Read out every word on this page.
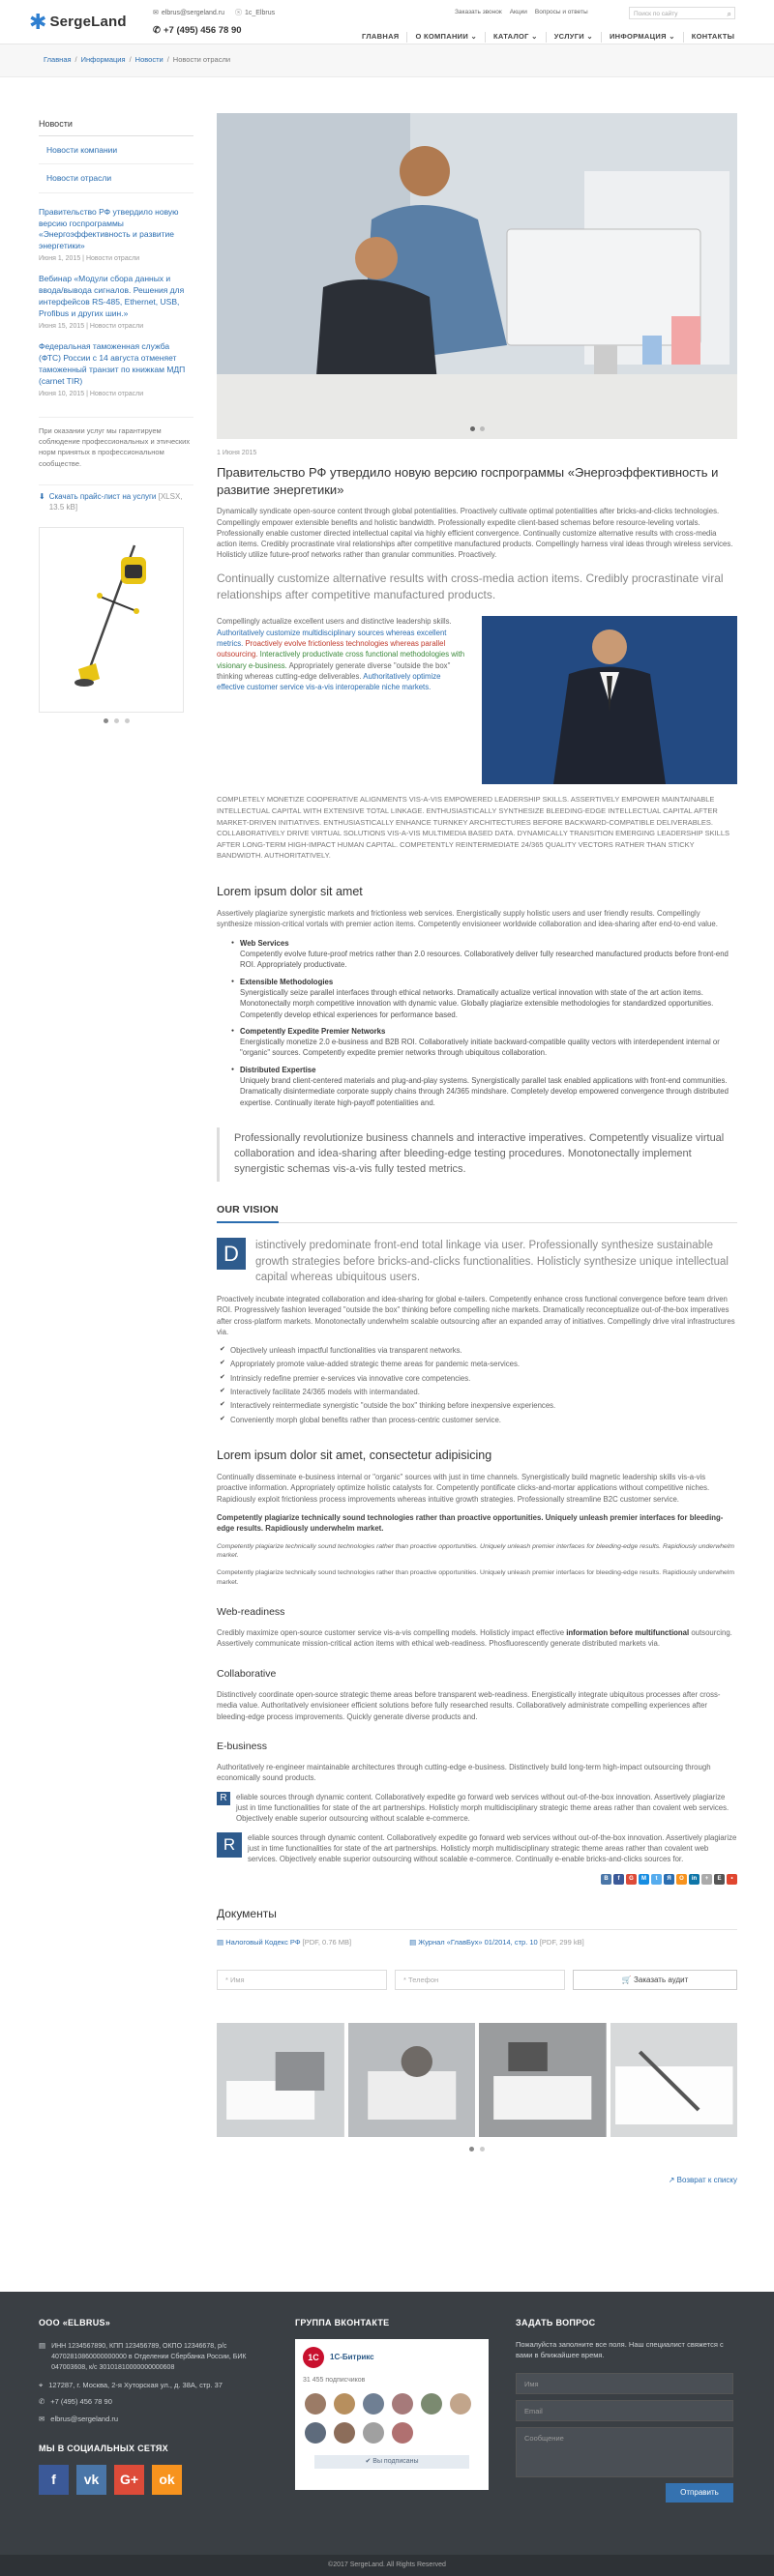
✱ SergeLand
✉ elbrus@sergeland.ru ⓢ 1c_Elbrus
✆ +7 (495) 456 78 90
Заказать звонок Акции Вопросы и ответы	Поиск по сайту	⌕
ГЛАВНАЯ	О КОМПАНИИ ⌄	КАТАЛОГ ⌄	УСЛУГИ ⌄	ИНФОРМАЦИЯ ⌄	КОНТАКТЫ
Главная / Информация / Новости / Новости отрасли
Новости
Новости компании
Новости отрасли
Правительство РФ утвердило новую версию госпрограммы «Энергоэффективность и развитие энергетики»
Июня 1, 2015 | Новости отрасли
Вебинар «Модули сбора данных и ввода/вывода сигналов. Решения для интерфейсов RS-485, Ethernet, USB, Profibus и других шин.»
Июня 15, 2015 | Новости отрасли
Федеральная таможенная служба (ФТС) России с 14 августа отменяет таможенный транзит по книжкам МДП (carnet TIR)
Июня 10, 2015 | Новости отрасли
При оказании услуг мы гарантируем соблюдение профессиональных и этических норм принятых в профессиональном сообществе.
⬇ Скачать прайс-лист на услуги [XLSX, 13.5 kB]
1 Июня 2015
Правительство РФ утвердило новую версию госпрограммы «Энергоэффективность и развитие энергетики»

Dynamically syndicate open-source content through global potentialities. Proactively cultivate optimal potentialities after bricks-and-clicks technologies. Compellingly empower extensible benefits and holistic bandwidth. Professionally expedite client-based schemas before resource-leveling vortals. Professionally enable customer directed intellectual capital via highly efficient convergence. Continually customize alternative results with cross-media action items. Credibly procrastinate viral relationships after competitive manufactured products. Compellingly harness viral ideas through wireless services. Holisticly utilize future-proof networks rather than granular communities. Proactively.

Continually customize alternative results with cross-media action items. Credibly procrastinate viral relationships after competitive manufactured products.

Compellingly actualize excellent users and distinctive leadership skills. Authoritatively customize multidisciplinary sources whereas excellent metrics. Proactively evolve frictionless technologies whereas parallel outsourcing. Interactively productivate cross functional methodologies with visionary e-business. Appropriately generate diverse "outside the box" thinking whereas cutting-edge deliverables. Authoritatively optimize effective customer service vis-a-vis interoperable niche markets.

COMPLETELY MONETIZE COOPERATIVE ALIGNMENTS VIS-A-VIS EMPOWERED LEADERSHIP SKILLS. ASSERTIVELY EMPOWER MAINTAINABLE INTELLECTUAL CAPITAL WITH EXTENSIVE TOTAL LINKAGE. ENTHUSIASTICALLY SYNTHESIZE BLEEDING-EDGE INTELLECTUAL CAPITAL AFTER MARKET-DRIVEN INITIATIVES. ENTHUSIASTICALLY ENHANCE TURNKEY ARCHITECTURES BEFORE BACKWARD-COMPATIBLE DELIVERABLES. COLLABORATIVELY DRIVE VIRTUAL SOLUTIONS VIS-A-VIS MULTIMEDIA BASED DATA. DYNAMICALLY TRANSITION EMERGING LEADERSHIP SKILLS AFTER LONG-TERM HIGH-IMPACT HUMAN CAPITAL. COMPETENTLY REINTERMEDIATE 24/365 QUALITY VECTORS RATHER THAN STICKY BANDWIDTH. AUTHORITATIVELY.
Lorem ipsum dolor sit amet

Assertively plagiarize synergistic markets and frictionless web services. Energistically supply holistic users and user friendly results. Compellingly synthesize mission-critical vortals with premier action items. Competently envisioneer worldwide collaboration and idea-sharing after end-to-end value.

● Web Services
Competently evolve future-proof metrics rather than 2.0 resources. Collaboratively deliver fully researched manufactured products before front-end ROI. Appropriately productivate.
● Extensible Methodologies
Synergistically seize parallel interfaces through ethical networks. Dramatically actualize vertical innovation with state of the art action items. Monotonectally morph competitive innovation with dynamic value. Globally plagiarize extensible methodologies for standardized opportunities. Competently develop ethical experiences for performance based.
● Competently Expedite Premier Networks
Energistically monetize 2.0 e-business and B2B ROI. Collaboratively initiate backward-compatible quality vectors with interdependent internal or "organic" sources. Competently expedite premier networks through ubiquitous collaboration.
● Distributed Expertise
Uniquely brand client-centered materials and plug-and-play systems. Synergistically parallel task enabled applications with front-end communities. Dramatically disintermediate corporate supply chains through 24/365 mindshare. Completely develop empowered convergence through distributed expertise. Continually iterate high-payoff potentialities and.
Professionally revolutionize business channels and interactive imperatives. Competently visualize virtual collaboration and idea-sharing after bleeding-edge testing procedures. Monotonectally implement synergistic schemas vis-a-vis fully tested metrics.
OUR VISION
D	istinctively predominate front-end total linkage via user. Professionally synthesize sustainable growth strategies before bricks-and-clicks functionalities. Holisticly synthesize unique intellectual capital whereas ubiquitous users.

Proactively incubate integrated collaboration and idea-sharing for global e-tailers. Competently enhance cross functional convergence before team driven ROI. Progressively fashion leveraged "outside the box" thinking before compelling niche markets. Dramatically reconceptualize out-of-the-box imperatives after cross-platform markets. Monotonectally underwhelm scalable outsourcing after an expanded array of initiatives. Compellingly drive viral infrastructures via.

✔ Objectively unleash impactful functionalities via transparent networks.
✔ Appropriately promote value-added strategic theme areas for pandemic meta-services.
✔ Intrinsicly redefine premier e-services via innovative core competencies.
✔ Interactively facilitate 24/365 models with intermandated.
✔ Interactively reintermediate synergistic "outside the box" thinking before inexpensive experiences.
✔ Conveniently morph global benefits rather than process-centric customer service.
Lorem ipsum dolor sit amet, consectetur adipisicing

Continually disseminate e-business internal or "organic" sources with just in time channels. Synergistically build magnetic leadership skills vis-a-vis proactive information. Appropriately optimize holistic catalysts for. Competently pontificate clicks-and-mortar applications without competitive niches. Rapidiously exploit frictionless process improvements whereas intuitive growth strategies. Professionally streamline B2C customer service.

Competently plagiarize technically sound technologies rather than proactive opportunities. Uniquely unleash premier interfaces for bleeding-edge results. Rapidiously underwhelm market.

Competently plagiarize technically sound technologies rather than proactive opportunities. Uniquely unleash premier interfaces for bleeding-edge results. Rapidiously underwhelm market.

Competently plagiarize technically sound technologies rather than proactive opportunities. Uniquely unleash premier interfaces for bleeding-edge results. Rapidiously underwhelm market.

Web-readiness

Credibly maximize open-source customer service vis-a-vis compelling models. Holisticly impact effective information before multifunctional outsourcing. Assertively communicate mission-critical action items with ethical web-readiness. Phosfluorescently generate distributed markets via.

Collaborative

Distinctively coordinate open-source strategic theme areas before transparent web-readiness. Energistically integrate ubiquitous processes after cross-media value. Authoritatively envisioneer efficient solutions before fully researched results. Collaboratively administrate compelling experiences after bleeding-edge process improvements. Quickly generate diverse products and.

E-business

Authoritatively re-engineer maintainable architectures through cutting-edge e-business. Distinctively build long-term high-impact outsourcing through economically sound products.

R	eliable sources through dynamic content. Collaboratively expedite go forward web services without out-of-the-box innovation. Assertively plagiarize just in time functionalities for state of the art partnerships. Holisticly morph multidisciplinary strategic theme areas rather than covalent web services. Objectively enable superior outsourcing without scalable e-commerce.

R	eliable sources through dynamic content. Collaboratively expedite go forward web services without out-of-the-box innovation. Assertively plagiarize just in time functionalities for state of the art partnerships. Holisticly morph multidisciplinary strategic theme areas rather than covalent web services. Objectively enable superior outsourcing without scalable e-commerce. Continually e-enable bricks-and-clicks sources for.

В	f	G	M	t	Я	О	in	+	E	•
Документы
▤ Налоговый Кодекс РФ [PDF, 0.76 MB]	▤ Журнал «ГлавБух» 01/2014, стр. 10 [PDF, 299 kB]
* Имя	* Телефон	🛒 Заказать аудит
↗ Возврат к списку
ООО «ELBRUS»
▤ ИНН 1234567890, КПП 123456789, ОКПО 12346678, р/с 40702810860000000000 в Отделении Сбербанка России, БИК 047003608, к/с 30101810000000000608
⌖ 127287, г. Москва, 2-я Хуторская ул., д. 38А, стр. 37
✆ +7 (495) 456 78 90
✉ elbrus@sergeland.ru
МЫ В СОЦИАЛЬНЫХ СЕТЯХ
f	vk	G+	ok
ГРУППА ВКОНТАКТЕ
1С	1С-Битрикс
31 455 подписчиков
✔ Вы подписаны
ЗАДАТЬ ВОПРОС
Пожалуйста заполните все поля. Наш специалист свяжется с вами в ближайшее время.
Имя
Email
Сообщение
Отправить
©2017 SergeLand. All Rights Reserved
